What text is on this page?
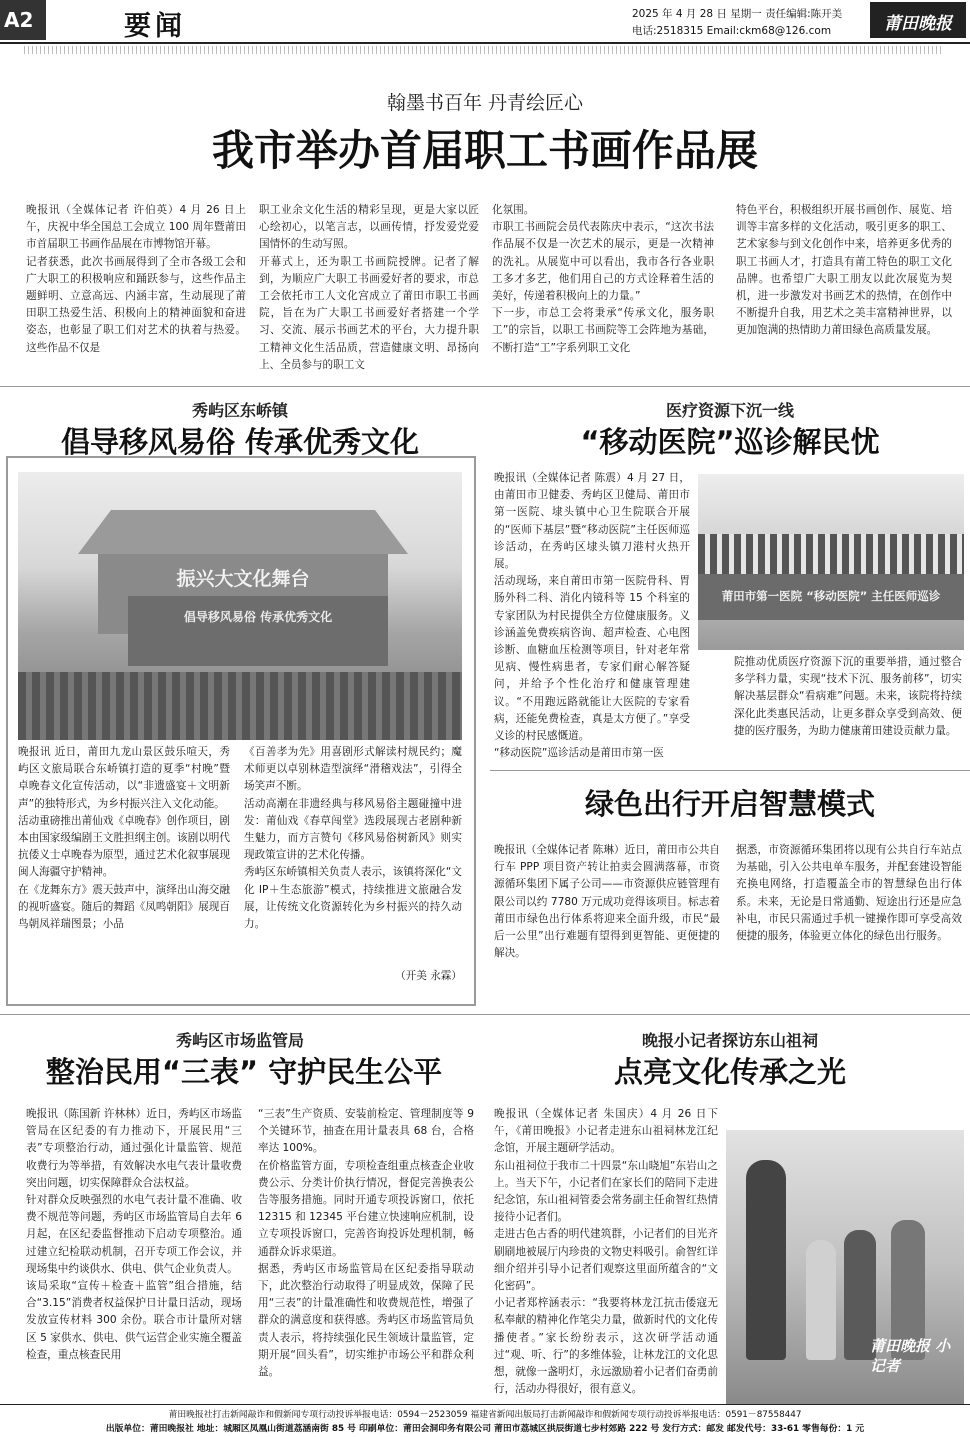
A2	要闻	2025 年 4 月 28 日 星期一 责任编辑:陈开美
电话:2518315 Email:ckm68@126.com	莆田晚报
翰墨书百年 丹青绘匠心
我市举办首届职工书画作品展
晚报讯（全媒体记者 许伯英）4 月 26 日上午，庆祝中华全国总工会成立 100 周年暨莆田市首届职工书画作品展在市博物馆开幕。
记者获悉，此次书画展得到了全市各级工会和广大职工的积极响应和踊跃参与，这些作品主题鲜明、立意高远、内涵丰富，生动展现了莆田职工热爱生活、积极向上的精神面貌和奋进姿态，也彰显了职工们对艺术的执着与热爱。这些作品不仅是
职工业余文化生活的精彩呈现，更是大家以匠心绘初心，以笔言志，以画传情，抒发爱党爱国情怀的生动写照。
开幕式上，还为职工书画院授牌。记者了解到，为顺应广大职工书画爱好者的要求，市总工会依托市工人文化宫成立了莆田市职工书画院，旨在为广大职工书画爱好者搭建一个学习、交流、展示书画艺术的平台，大力提升职工精神文化生活品质，营造健康文明、昂扬向上、全员参与的职工文
化氛围。
市职工书画院会员代表陈庆中表示，“这次书法作品展不仅是一次艺术的展示，更是一次精神的洗礼。从展览中可以看出，我市各行各业职工多才多艺，他们用自己的方式诠释着生活的美好，传递着积极向上的力量。”
下一步，市总工会将秉承“传承文化，服务职工”的宗旨，以职工书画院等工会阵地为基础，不断打造“工”字系列职工文化
特色平台，积极组织开展书画创作、展览、培训等丰富多样的文化活动，吸引更多的职工、艺术家参与到文化创作中来，培养更多优秀的职工书画人才，打造具有莆工特色的职工文化品牌。也希望广大职工朋友以此次展览为契机，进一步激发对书画艺术的热情，在创作中不断提升自我，用艺术之美丰富精神世界，以更加饱满的热情助力莆田绿色高质量发展。
秀屿区东峤镇
倡导移风易俗 传承优秀文化
振兴大文化舞台
倡导移风易俗 传承优秀文化
晚报讯 近日，莆田九龙山景区鼓乐喧天，秀屿区文旅局联合东峤镇打造的夏季“村晚”暨卓晚春文化宣传活动，以“非遗盛宴＋文明新声”的独特形式，为乡村振兴注入文化动能。
活动重磅推出莆仙戏《卓晚春》创作项目，剧本由国家级编剧王文胜担纲主创。该剧以明代抗倭义士卓晚春为原型，通过艺术化叙事展现闽人海疆守护精神。
在《龙舞东方》震天鼓声中，演绎出山海交融的视听盛宴。随后的舞蹈《凤鸣朝阳》展现百鸟朝凤祥瑞图景；小品
《百善孝为先》用喜剧形式解读村规民约；魔术师更以卓别林造型演绎“滑稽戏法”，引得全场笑声不断。
活动高潮在非遗经典与移风易俗主题碰撞中进发：莆仙戏《春草闯堂》选段展现古老剧种新生魅力，而方言赞句《移风易俗树新风》则实现政策宣讲的艺术化传播。
秀屿区东峤镇相关负责人表示，该镇将深化“文化 IP＋生态旅游”模式，持续推进文旅融合发展，让传统文化资源转化为乡村振兴的持久动力。
（开美 永霖）
医疗资源下沉一线
“移动医院”巡诊解民忧
莆田市第一医院 “移动医院” 主任医师巡诊
晚报讯（全媒体记者 陈震）4 月 27 日，由莆田市卫健委、秀屿区卫健局、莆田市第一医院、埭头镇中心卫生院联合开展的“医师下基层”暨“移动医院”主任医师巡诊活动，在秀屿区埭头镇刀港村火热开展。
活动现场，来自莆田市第一医院骨科、胃肠外科二科、消化内镜科等 15 个科室的专家团队为村民提供全方位健康服务。义诊涵盖免费疾病咨询、超声检查、心电图诊断、血糖血压检测等项目，针对老年常见病、慢性病患者，专家们耐心解答疑问，并给予个性化治疗和健康管理建议。“不用跑远路就能让大医院的专家看病，还能免费检查，真是太方便了。”享受义诊的村民感慨道。
“移动医院”巡诊活动是莆田市第一医
院推动优质医疗资源下沉的重要举措，通过整合多学科力量，实现“技术下沉、服务前移”，切实解决基层群众“看病难”问题。未来，该院将持续深化此类惠民活动，让更多群众享受到高效、便捷的医疗服务，为助力健康莆田建设贡献力量。
绿色出行开启智慧模式
晚报讯（全媒体记者 陈琳）近日，莆田市公共自行车 PPP 项目资产转让拍卖会圆满落幕，市资源循环集团下属子公司——市资源供应链管理有限公司以约 7780 万元成功竞得该项目。标志着莆田市绿色出行体系将迎来全面升级，市民“最后一公里”出行难题有望得到更智能、更便捷的解决。
据悉，市资源循环集团将以现有公共自行车站点为基础，引入公共电单车服务，并配套建设智能充换电网络，打造覆盖全市的智慧绿色出行体系。未来，无论是日常通勤、短途出行还是应急补电，市民只需通过手机一键操作即可享受高效便捷的服务，体验更立体化的绿色出行服务。
秀屿区市场监管局
整治民用“三表” 守护民生公平
晚报讯（陈国新 许林林）近日，秀屿区市场监管局在区纪委的有力推动下，开展民用“三表”专项整治行动，通过强化计量监管、规范收费行为等举措，有效解决水电气表计量收费突出问题，切实保障群众合法权益。
针对群众反映强烈的水电气表计量不准确、收费不规范等问题，秀屿区市场监管局自去年 6 月起，在区纪委监督推动下启动专项整治。通过建立纪检联动机制，召开专项工作会议，并现场集中约谈供水、供电、供气企业负责人。
该局采取“宣传＋检查＋监管”组合措施，结合“3.15”消费者权益保护日计量日活动，现场发放宣传材料 300 余份。联合市计量所对辖区 5 家供水、供电、供气运营企业实施全覆盖检查，重点核查民用
“三表”生产资质、安装前检定、管理制度等 9 个关键环节，抽查在用计量表具 68 台，合格率达 100%。
在价格监管方面，专项检查组重点核查企业收费公示、分类计价执行情况，督促完善换表公告等服务措施。同时开通专项投诉窗口，依托 12315 和 12345 平台建立快速响应机制，设立专项投诉窗口，完善咨询投诉处理机制，畅通群众诉求渠道。
据悉，秀屿区市场监管局在区纪委指导联动下，此次整治行动取得了明显成效，保障了民用“三表”的计量准确性和收费规范性，增强了群众的满意度和获得感。秀屿区市场监管局负责人表示，将持续强化民生领域计量监管，定期开展“回头看”，切实维护市场公平和群众利益。
晚报小记者探访东山祖祠
点亮文化传承之光
晚报讯（全媒体记者 朱国庆）4 月 26 日下午，《莆田晚报》小记者走进东山祖祠林龙江纪念馆，开展主题研学活动。
东山祖祠位于我市二十四景“东山晓旭”东岩山之上。当天下午，小记者们在家长们的陪同下走进纪念馆，东山祖祠管委会常务副主任俞智红热情接待小记者们。
走进古色古香的明代建筑群，小记者们的目光齐刷刷地被展厅内珍贵的文物史料吸引。俞智红详细介绍并引导小记者们观察这里面所蕴含的“文化密码”。
小记者郑梓涵表示：“我要将林龙江抗击倭寇无私奉献的精神化作笔尖力量，做新时代的文化传播使者。”家长纷纷表示，这次研学活动通过“观、听、行”的多维体验，让林龙江的文化思想，就像一盏明灯，永远激励着小记者们奋勇前行，活动办得很好，很有意义。
莆田晚报 小记者
莆田晚报社打击新闻敲诈和假新闻专项行动投诉举报电话：0594－2523059 福建省新闻出版局打击新闻敲诈和假新闻专项行动投诉举报电话：0591－87558447
出版单位：莆田晚报社 地址：城厢区凤凰山街道荔涵南街 85 号 印刷单位：莆田会洞印务有限公司 莆田市荔城区拱辰街道七步村郊路 222 号 发行方式：邮发 邮发代号：33-61 零售每份：1 元
